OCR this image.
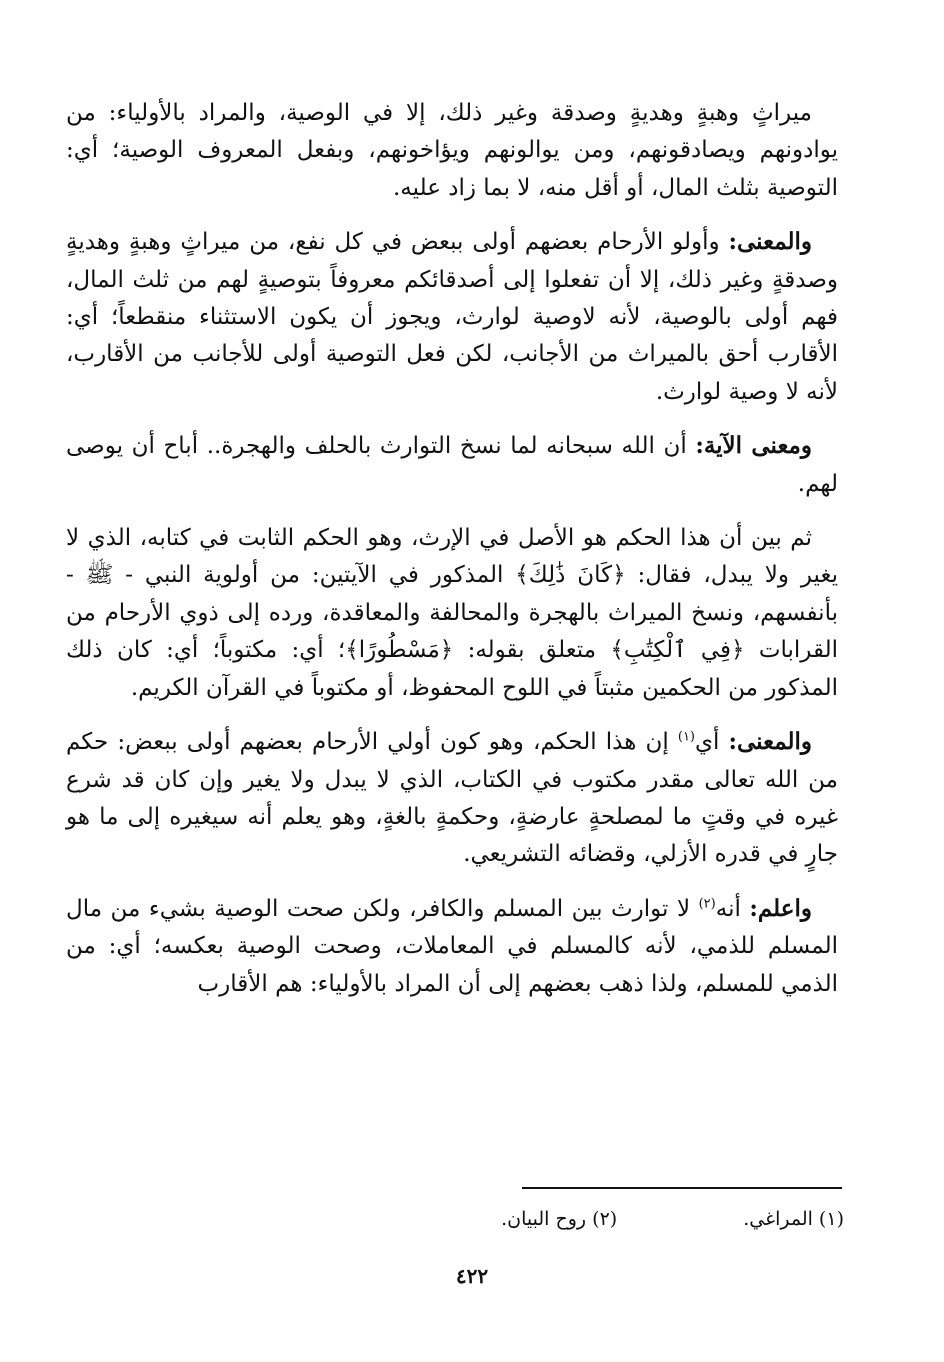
ميراثٍ وهبةٍ وهديةٍ وصدقة وغير ذلك، إلا في الوصية، والمراد بالأولياء: من يوادونهم ويصادقونهم، ومن يوالونهم ويؤاخونهم، وبفعل المعروف الوصية؛ أي: التوصية بثلث المال، أو أقل منه، لا بما زاد عليه.

والمعنى: وأولو الأرحام بعضهم أولى ببعض في كل نفع، من ميراثٍ وهبةٍ وهديةٍ وصدقةٍ وغير ذلك، إلا أن تفعلوا إلى أصدقائكم معروفاً بتوصيةٍ لهم من ثلث المال، فهم أولى بالوصية، لأنه لاوصية لوارث، ويجوز أن يكون الاستثناء منقطعاً؛ أي: الأقارب أحق بالميراث من الأجانب، لكن فعل التوصية أولى للأجانب من الأقارب، لأنه لا وصية لوارث.

ومعنى الآية: أن الله سبحانه لما نسخ التوارث بالحلف والهجرة.. أباح أن يوصى لهم.

ثم بين أن هذا الحكم هو الأصل في الإرث، وهو الحكم الثابت في كتابه، الذي لا يغير ولا يبدل، فقال: ﴿كَانَ ذَٰلِكَ﴾ المذكور في الآيتين: من أولوية النبي - ﷺ - بأنفسهم، ونسخ الميراث بالهجرة والمحالفة والمعاقدة، ورده إلى ذوي الأرحام من القرابات ﴿فِي ٱلْكِتَٰبِ﴾ متعلق بقوله: ﴿مَسْطُورًا﴾؛ أي: مكتوباً؛ أي: كان ذلك المذكور من الحكمين مثبتاً في اللوح المحفوظ، أو مكتوباً في القرآن الكريم.

والمعنى: أي$^{(١)}$ إن هذا الحكم، وهو كون أولي الأرحام بعضهم أولى ببعض: حكم من الله تعالى مقدر مكتوب في الكتاب، الذي لا يبدل ولا يغير وإن كان قد شرع غيره في وقتٍ ما لمصلحةٍ عارضةٍ، وحكمةٍ بالغةٍ، وهو يعلم أنه سيغيره إلى ما هو جارٍ في قدره الأزلي، وقضائه التشريعي.

واعلم: أنه$^{(٢)}$ لا توارث بين المسلم والكافر، ولكن صحت الوصية بشيء من مال المسلم للذمي، لأنه كالمسلم في المعاملات، وصحت الوصية بعكسه؛ أي: من الذمي للمسلم، ولذا ذهب بعضهم إلى أن المراد بالأولياء: هم الأقارب

(١) المراغي. (٢) روح البيان.
٤٢٢
